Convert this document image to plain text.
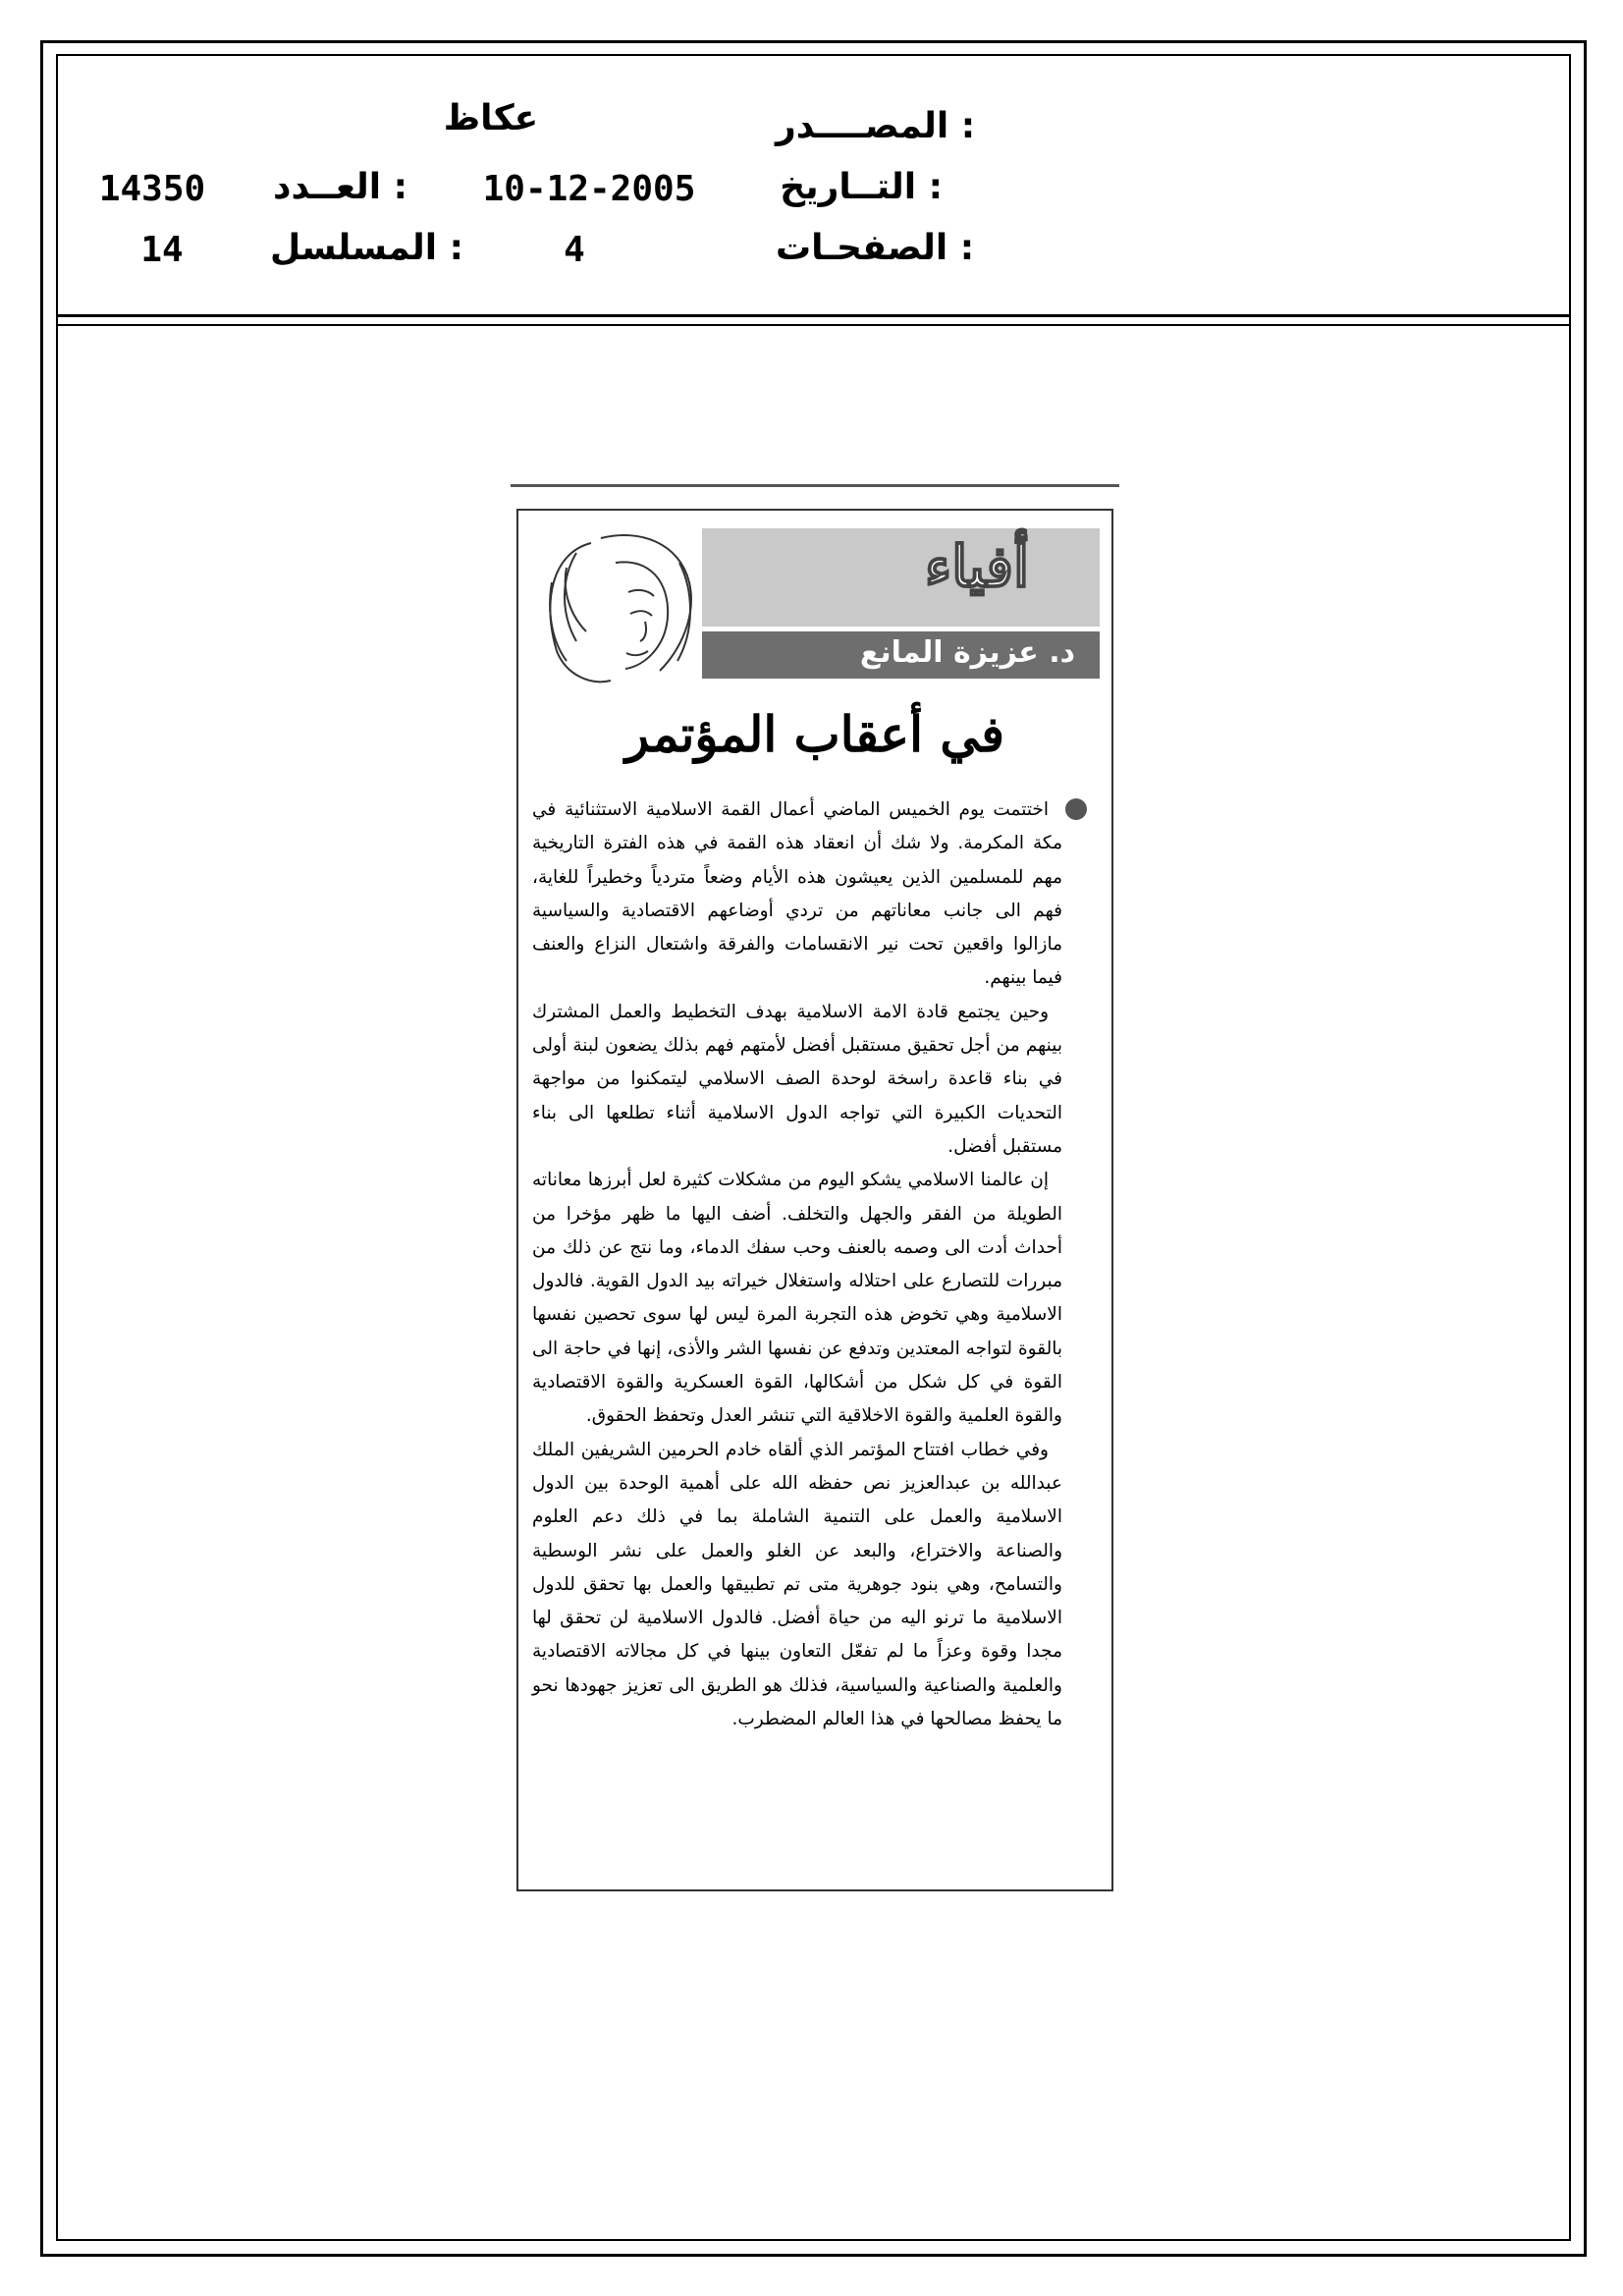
المصــــدر :
عكاظ
التــاريخ :
10-12-2005
العــدد :
14350
الصفحـات :
4
المسلسل :
14
أفياء
د. عزيزة المانع
في أعقاب المؤتمر

اختتمت يوم الخميس الماضي أعمال القمة الاسلامية الاستثنائية في مكة المكرمة. ولا شك أن انعقاد هذه القمة في هذه الفترة التاريخية مهم للمسلمين الذين يعيشون هذه الأيام وضعاً متردياً وخطيراً للغاية، فهم الى جانب معاناتهم من تردي أوضاعهم الاقتصادية والسياسية مازالوا واقعين تحت نير الانقسامات والفرقة واشتعال النزاع والعنف فيما بينهم.

وحين يجتمع قادة الامة الاسلامية بهدف التخطيط والعمل المشترك بينهم من أجل تحقيق مستقبل أفضل لأمتهم فهم بذلك يضعون لبنة أولى في بناء قاعدة راسخة لوحدة الصف الاسلامي ليتمكنوا من مواجهة التحديات الكبيرة التي تواجه الدول الاسلامية أثناء تطلعها الى بناء مستقبل أفضل.

إن عالمنا الاسلامي يشكو اليوم من مشكلات كثيرة لعل أبرزها معاناته الطويلة من الفقر والجهل والتخلف. أضف اليها ما ظهر مؤخرا من أحداث أدت الى وصمه بالعنف وحب سفك الدماء، وما نتج عن ذلك من مبررات للتصارع على احتلاله واستغلال خيراته بيد الدول القوية. فالدول الاسلامية وهي تخوض هذه التجربة المرة ليس لها سوى تحصين نفسها بالقوة لتواجه المعتدين وتدفع عن نفسها الشر والأذى، إنها في حاجة الى القوة في كل شكل من أشكالها، القوة العسكرية والقوة الاقتصادية والقوة العلمية والقوة الاخلاقية التي تنشر العدل وتحفظ الحقوق.

وفي خطاب افتتاح المؤتمر الذي ألقاه خادم الحرمين الشريفين الملك عبدالله بن عبدالعزيز نص حفظه الله على أهمية الوحدة بين الدول الاسلامية والعمل على التنمية الشاملة بما في ذلك دعم العلوم والصناعة والاختراع، والبعد عن الغلو والعمل على نشر الوسطية والتسامح، وهي بنود جوهرية متى تم تطبيقها والعمل بها تحقق للدول الاسلامية ما ترنو اليه من حياة أفضل. فالدول الاسلامية لن تحقق لها مجدا وقوة وعزاً ما لم تفعّل التعاون بينها في كل مجالاته الاقتصادية والعلمية والصناعية والسياسية، فذلك هو الطريق الى تعزيز جهودها نحو ما يحفظ مصالحها في هذا العالم المضطرب.
